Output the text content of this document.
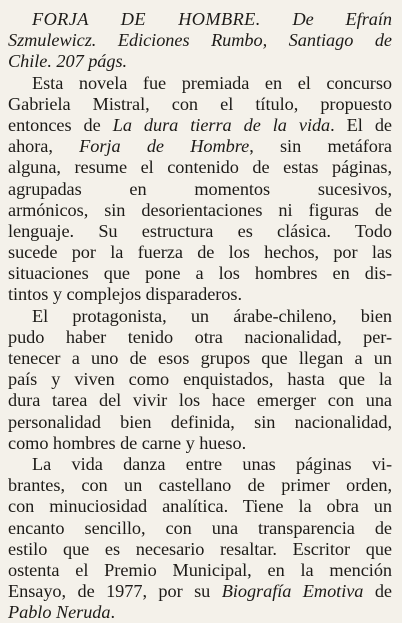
FORJA DE HOMBRE. De Efraín
Szmulewicz. Ediciones Rumbo, Santiago de
Chile. 207 págs.
Esta novela fue premiada en el concurso
Gabriela Mistral, con el título, propuesto
entonces de La dura tierra de la vida. El de
ahora, Forja de Hombre, sin metáfora
alguna, resume el contenido de estas páginas,
agrupadas en momentos sucesivos,
armónicos, sin desorientaciones ni figuras de
lenguaje. Su estructura es clásica. Todo
sucede por la fuerza de los hechos, por las
situaciones que pone a los hombres en dis-
tintos y complejos disparaderos.
El protagonista, un árabe-chileno, bien
pudo haber tenido otra nacionalidad, per-
tenecer a uno de esos grupos que llegan a un
país y viven como enquistados, hasta que la
dura tarea del vivir los hace emerger con una
personalidad bien definida, sin nacionalidad,
como hombres de carne y hueso.
La vida danza entre unas páginas vi-
brantes, con un castellano de primer orden,
con minuciosidad analítica. Tiene la obra un
encanto sencillo, con una transparencia de
estilo que es necesario resaltar. Escritor que
ostenta el Premio Municipal, en la mención
Ensayo, de 1977, por su Biografía Emotiva de
Pablo Neruda.
